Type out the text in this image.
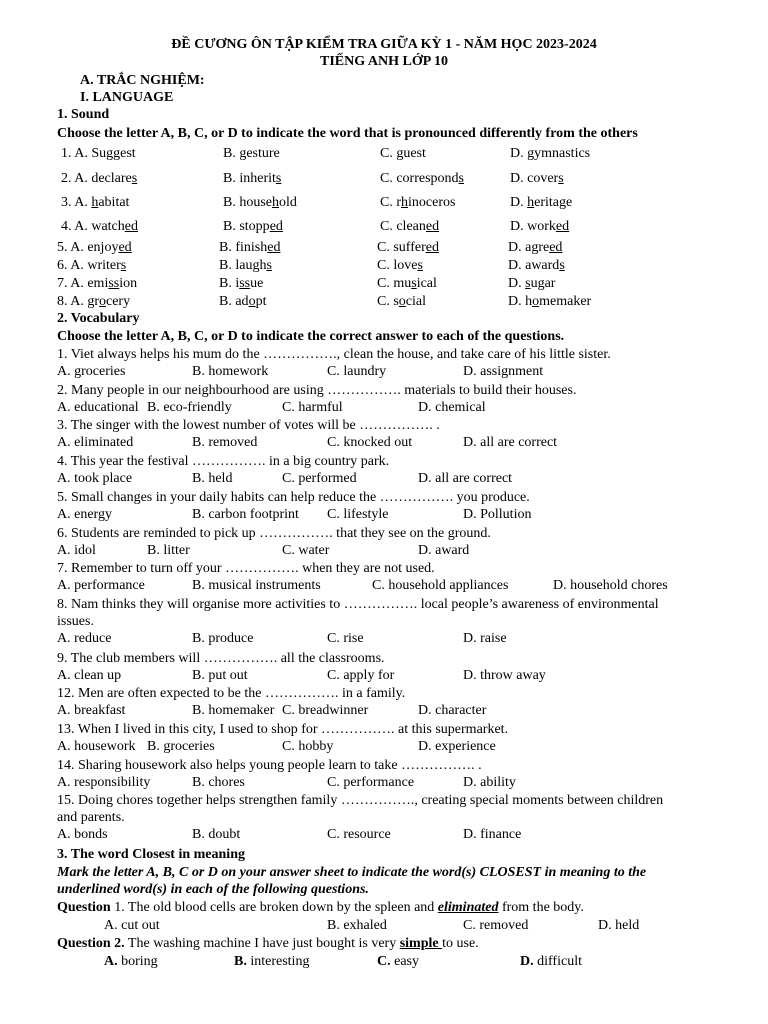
ĐỀ CƯƠNG ÔN TẬP KIỂM TRA GIỮA KỲ 1 - NĂM HỌC 2023-2024
TIẾNG ANH LỚP 10
A. TRẮC NGHIỆM:
I. LANGUAGE
1. Sound
Choose the letter A, B, C, or D to indicate the word that is pronounced differently from the others
1. A. Suggest	B. gesture	C. guest	D. gymnastics
2. A. declares	B. inherits	C. corresponds	D. covers
3. A. habitat	B. household	C. rhinoceros	D. heritage
4. A. watched	B. stopped	C. cleaned	D. worked
5. A. enjoyed	B. finished	C. suffered	D. agreed
6. A. writers	B. laughs	C. loves	D. awards
7. A. emission	B. issue	C. musical	D. sugar
8. A. grocery	B. adopt	C. social	D. homemaker
2. Vocabulary
Choose the letter A, B, C, or D to indicate the correct answer to each of the questions.
1. Viet always helps his mum do the ……………., clean the house, and take care of his little sister.
A. groceries	B. homework	C. laundry	D. assignment
2. Many people in our neighbourhood are using ……………. materials to build their houses.
A. educational B. eco-friendly	C. harmful	D. chemical
3. The singer with the lowest number of votes will be ……………. .
A. eliminated	B. removed	C. knocked out	D. all are correct
4. This year the festival ……………. in a big country park.
A. took place	B. held	C. performed	D. all are correct
5. Small changes in your daily habits can help reduce the ……………. you produce.
A. energy	B. carbon footprint C. lifestyle	D. Pollution
6. Students are reminded to pick up ……………. that they see on the ground.
A. idol	B. litter	C. water	D. award
7. Remember to turn off your ……………. when they are not used.
A. performance	B. musical instruments	C. household appliances	D. household chores
8. Nam thinks they will organise more activities to ……………. local people’s awareness of environmental
issues.
A. reduce	B. produce	C. rise	D. raise
9. The club members will ……………. all the classrooms.
A. clean up	B. put out	C. apply for	D. throw away
12. Men are often expected to be the ……………. in a family.
A. breakfast	B. homemaker C. breadwinner	D. character
13. When I lived in this city, I used to shop for ……………. at this supermarket.
A. housework B. groceries	C. hobby	D. experience
14. Sharing housework also helps young people learn to take ……………. .
A. responsibility	B. chores	C. performance	D. ability
15. Doing chores together helps strengthen family ……………., creating special moments between children
and parents.
A. bonds	B. doubt	C. resource	D. finance
3. The word Closest in meaning
Mark the letter A, B, C or D on your answer sheet to indicate the word(s) CLOSEST in meaning to the
underlined word(s) in each of the following questions.
Question 1. The old blood cells are broken down by the spleen and eliminated from the body.
A. cut out	B. exhaled	C. removed	D. held
Question 2. The washing machine I have just bought is very simple to use.
A. boring	B. interesting	C. easy	D. difficult
